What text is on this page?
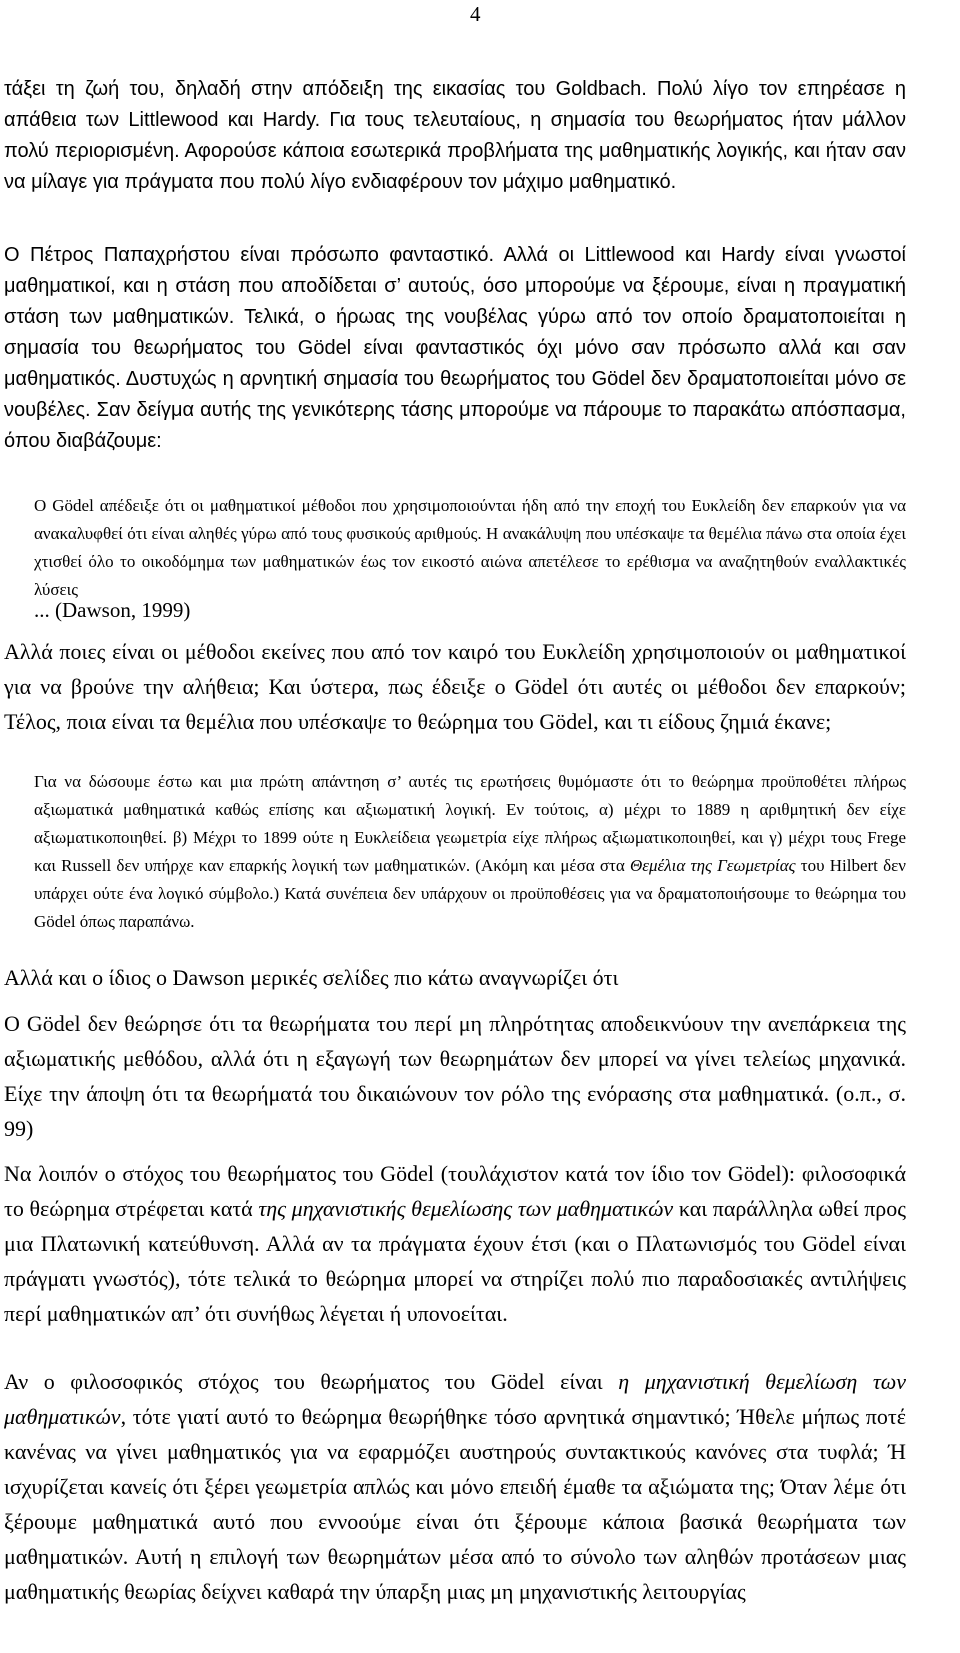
4

τάξει τη ζωή του, δηλαδή στην απόδειξη της εικασίας του Goldbach. Πολύ λίγο τον επηρέασε η απάθεια των Littlewood και Hardy. Για τους τελευταίους, η σημασία του θεωρήματος ήταν μάλλον πολύ περιορισμένη. Αφορούσε κάποια εσωτερικά προβλήματα της μαθηματικής λογικής, και ήταν σαν να μίλαγε για πράγματα που πολύ λίγο ενδιαφέρουν τον μάχιμο μαθηματικό.

Ο Πέτρος Παπαχρήστου είναι πρόσωπο φανταστικό. Αλλά οι Littlewood και Hardy είναι γνωστοί μαθηματικοί, και η στάση που αποδίδεται σ’ αυτούς, όσο μπορούμε να ξέρουμε, είναι η πραγματική στάση των μαθηματικών. Τελικά, ο ήρωας της νουβέλας γύρω από τον οποίο δραματοποιείται η σημασία του θεωρήματος του Gödel είναι φανταστικός όχι μόνο σαν πρόσωπο αλλά και σαν μαθηματικός. Δυστυχώς η αρνητική σημασία του θεωρήματος του Gödel δεν δραματοποιείται μόνο σε νουβέλες. Σαν δείγμα αυτής της γενικότερης τάσης μπορούμε να πάρουμε το παρακάτω απόσπασμα, όπου διαβάζουμε:

Ο Gödel απέδειξε ότι οι μαθηματικοί μέθοδοι που χρησιμοποιούνται ήδη από την εποχή του Ευκλείδη δεν επαρκούν για να ανακαλυφθεί ότι είναι αληθές γύρω από τους φυσικούς αριθμούς. Η ανακάλυψη που υπέσκαψε τα θεμέλια πάνω στα οποία έχει χτισθεί όλο το οικοδόμημα των μαθηματικών έως τον εικοστό αιώνα απετέλεσε το ερέθισμα να αναζητηθούν εναλλακτικές λύσεις

... (Dawson, 1999)

Αλλά ποιες είναι οι μέθοδοι εκείνες που από τον καιρό του Ευκλείδη χρησιμοποιούν οι μαθηματικοί για να βρούνε την αλήθεια; Και ύστερα, πως έδειξε ο Gödel ότι αυτές οι μέθοδοι δεν επαρκούν; Τέλος, ποια είναι τα θεμέλια που υπέσκαψε το θεώρημα του Gödel, και τι είδους ζημιά έκανε;

Για να δώσουμε έστω και μια πρώτη απάντηση σ’ αυτές τις ερωτήσεις θυμόμαστε ότι το θεώρημα προϋποθέτει πλήρως αξιωματικά μαθηματικά καθώς επίσης και αξιωματική λογική. Εν τούτοις, α) μέχρι το 1889 η αριθμητική δεν είχε αξιωματικοποιηθεί. β) Μέχρι το 1899 ούτε η Ευκλείδεια γεωμετρία είχε πλήρως αξιωματικοποιηθεί, και γ) μέχρι τους Frege και Russell δεν υπήρχε καν επαρκής λογική των μαθηματικών. (Ακόμη και μέσα στα Θεμέλια της Γεωμετρίας του Hilbert δεν υπάρχει ούτε ένα λογικό σύμβολο.) Κατά συνέπεια δεν υπάρχουν οι προϋποθέσεις για να δραματοποιήσουμε το θεώρημα του Gödel όπως παραπάνω.

Αλλά και ο ίδιος ο Dawson μερικές σελίδες πιο κάτω αναγνωρίζει ότι

Ο Gödel δεν θεώρησε ότι τα θεωρήματα του περί μη πληρότητας αποδεικνύουν την ανεπάρκεια της αξιωματικής μεθόδου, αλλά ότι η εξαγωγή των θεωρημάτων δεν μπορεί να γίνει τελείως μηχανικά. Είχε την άποψη ότι τα θεωρήματά του δικαιώνουν τον ρόλο της ενόρασης στα μαθηματικά. (ο.π., σ. 99)

Να λοιπόν ο στόχος του θεωρήματος του Gödel (τουλάχιστον κατά τον ίδιο τον Gödel): φιλοσοφικά το θεώρημα στρέφεται κατά της μηχανιστικής θεμελίωσης των μαθηματικών και παράλληλα ωθεί προς μια Πλατωνική κατεύθυνση. Αλλά αν τα πράγματα έχουν έτσι (και ο Πλατωνισμός του Gödel είναι πράγματι γνωστός), τότε τελικά το θεώρημα μπορεί να στηρίζει πολύ πιο παραδοσιακές αντιλήψεις περί μαθηματικών απ’ ότι συνήθως λέγεται ή υπονοείται.

Αν ο φιλοσοφικός στόχος του θεωρήματος του Gödel είναι η μηχανιστική θεμελίωση των μαθηματικών, τότε γιατί αυτό το θεώρημα θεωρήθηκε τόσο αρνητικά σημαντικό; Ήθελε μήπως ποτέ κανένας να γίνει μαθηματικός για να εφαρμόζει αυστηρούς συντακτικούς κανόνες στα τυφλά; Ή ισχυρίζεται κανείς ότι ξέρει γεωμετρία απλώς και μόνο επειδή έμαθε τα αξιώματα της; Όταν λέμε ότι ξέρουμε μαθηματικά αυτό που εννοούμε είναι ότι ξέρουμε κάποια βασικά θεωρήματα των μαθηματικών. Αυτή η επιλογή των θεωρημάτων μέσα από το σύνολο των αληθών προτάσεων μιας μαθηματικής θεωρίας δείχνει καθαρά την ύπαρξη μιας μη μηχανιστικής λειτουργίας
